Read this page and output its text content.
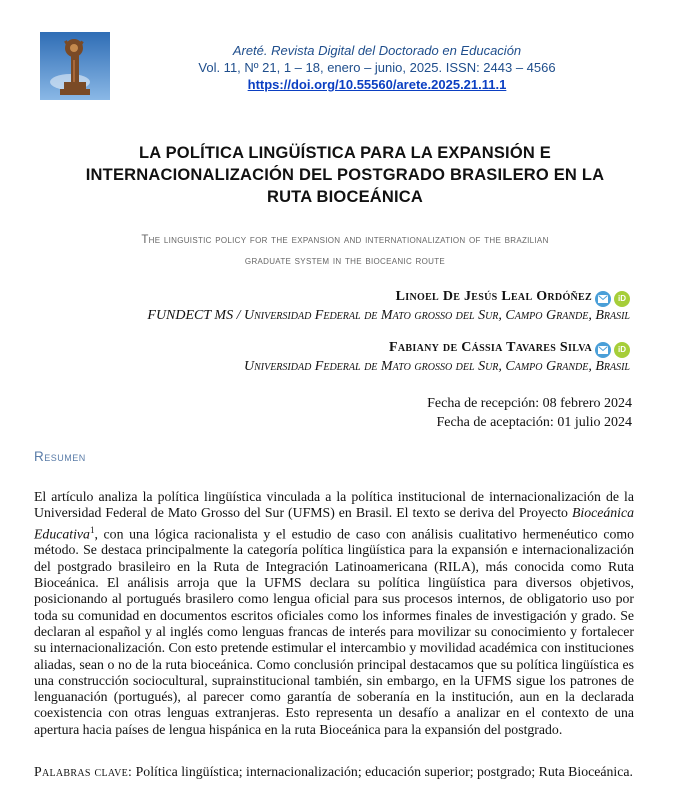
Areté. Revista Digital del Doctorado en Educación
Vol. 11, Nº 21, 1 – 18, enero – junio, 2025. ISSN: 2443 – 4566
https://doi.org/10.55560/arete.2025.21.11.1
LA POLÍTICA LINGÜÍSTICA PARA LA EXPANSIÓN E
INTERNACIONALIZACIÓN DEL POSTGRADO BRASILERO EN LA
RUTA BIOCEÁNICA
The linguistic policy for the expansion and internationalization of the brazilian
graduate system in the bioceanic route
Linoel De Jesús Leal Ordóñez	iD
FUNDECT MS / Universidad Federal de Mato grosso del Sur, Campo Grande, Brasil
Fabiany de Cássia Tavares Silva	iD
Universidad Federal de Mato grosso del Sur, Campo Grande, Brasil
Fecha de recepción: 08 febrero 2024
Fecha de aceptación: 01 julio 2024
Resumen

El artículo analiza la política lingüística vinculada a la política institucional de internacionalización de la Universidad Federal de Mato Grosso del Sur (UFMS) en Brasil. El texto se deriva del Proyecto Bioceánica Educativa$^1$, con una lógica racionalista y el estudio de caso con análisis cualitativo hermenéutico como método. Se destaca principalmente la categoría política lingüística para la expansión e internacionalización del postgrado brasileiro en la Ruta de Integración Latinoamericana (RILA), más conocida como Ruta Bioceánica. El análisis arroja que la UFMS declara su política lingüística para diversos objetivos, posicionando al portugués brasilero como lengua oficial para sus procesos internos, de obligatorio uso por toda su comunidad en documentos escritos oficiales como los informes finales de investigación y grado. Se declaran al español y al inglés como lenguas francas de interés para movilizar su conocimiento y fortalecer su internacionalización. Con esto pretende estimular el intercambio y movilidad académica con instituciones aliadas, sean o no de la ruta bioceánica. Como conclusión principal destacamos que su política lingüística es una construcción sociocultural, suprainstitucional también, sin embargo, en la UFMS sigue los patrones de lenguanación (portugués), al parecer como garantía de soberanía en la institución, aun en la declarada coexistencia con otras lenguas extranjeras. Esto representa un desafío a analizar en el contexto de una apertura hacia países de lengua hispánica en la ruta Bioceánica para la expansión del postgrado.

Palabras clave: Política lingüística; internacionalización; educación superior; postgrado; Ruta Bioceánica.
